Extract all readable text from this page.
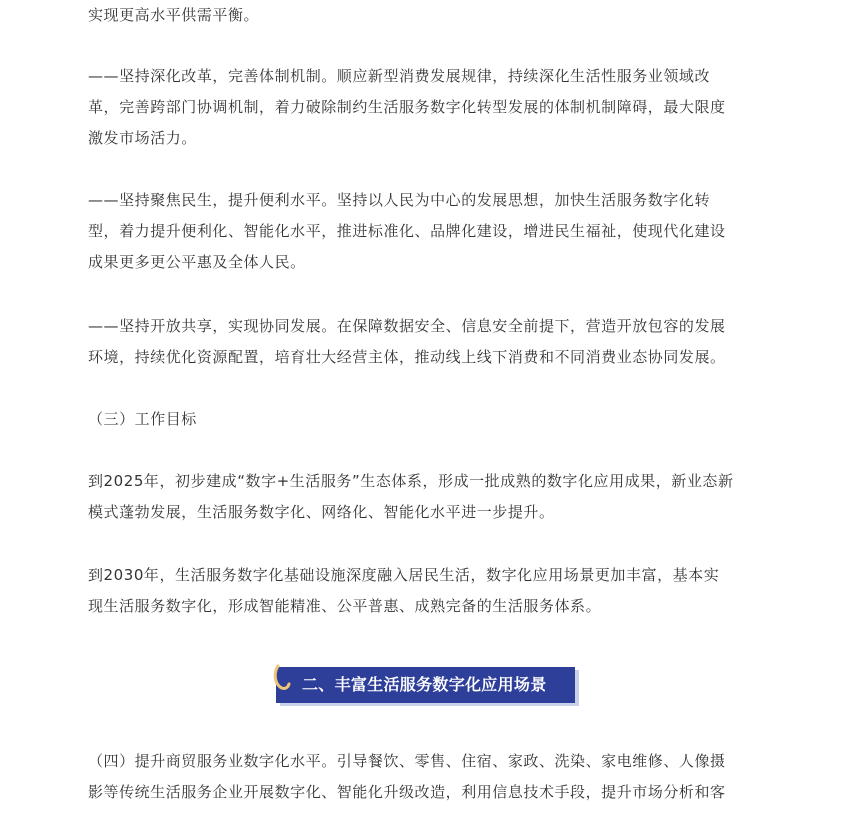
实现更高水平供需平衡。
——坚持深化改革，完善体制机制。顺应新型消费发展规律，持续深化生活性服务业领域改
革，完善跨部门协调机制，着力破除制约生活服务数字化转型发展的体制机制障碍，最大限度
激发市场活力。
——坚持聚焦民生，提升便利水平。坚持以人民为中心的发展思想，加快生活服务数字化转
型，着力提升便利化、智能化水平，推进标准化、品牌化建设，增进民生福祉，使现代化建设
成果更多更公平惠及全体人民。
——坚持开放共享，实现协同发展。在保障数据安全、信息安全前提下，营造开放包容的发展
环境，持续优化资源配置，培育壮大经营主体，推动线上线下消费和不同消费业态协同发展。
（三）工作目标
到2025年，初步建成“数字+生活服务”生态体系，形成一批成熟的数字化应用成果，新业态新
模式蓬勃发展，生活服务数字化、网络化、智能化水平进一步提升。
到2030年，生活服务数字化基础设施深度融入居民生活，数字化应用场景更加丰富，基本实
现生活服务数字化，形成智能精准、公平普惠、成熟完备的生活服务体系。
（四）提升商贸服务业数字化水平。引导餐饮、零售、住宿、家政、洗染、家电维修、人像摄
影等传统生活服务企业开展数字化、智能化升级改造，利用信息技术手段，提升市场分析和客
二、丰富生活服务数字化应用场景
